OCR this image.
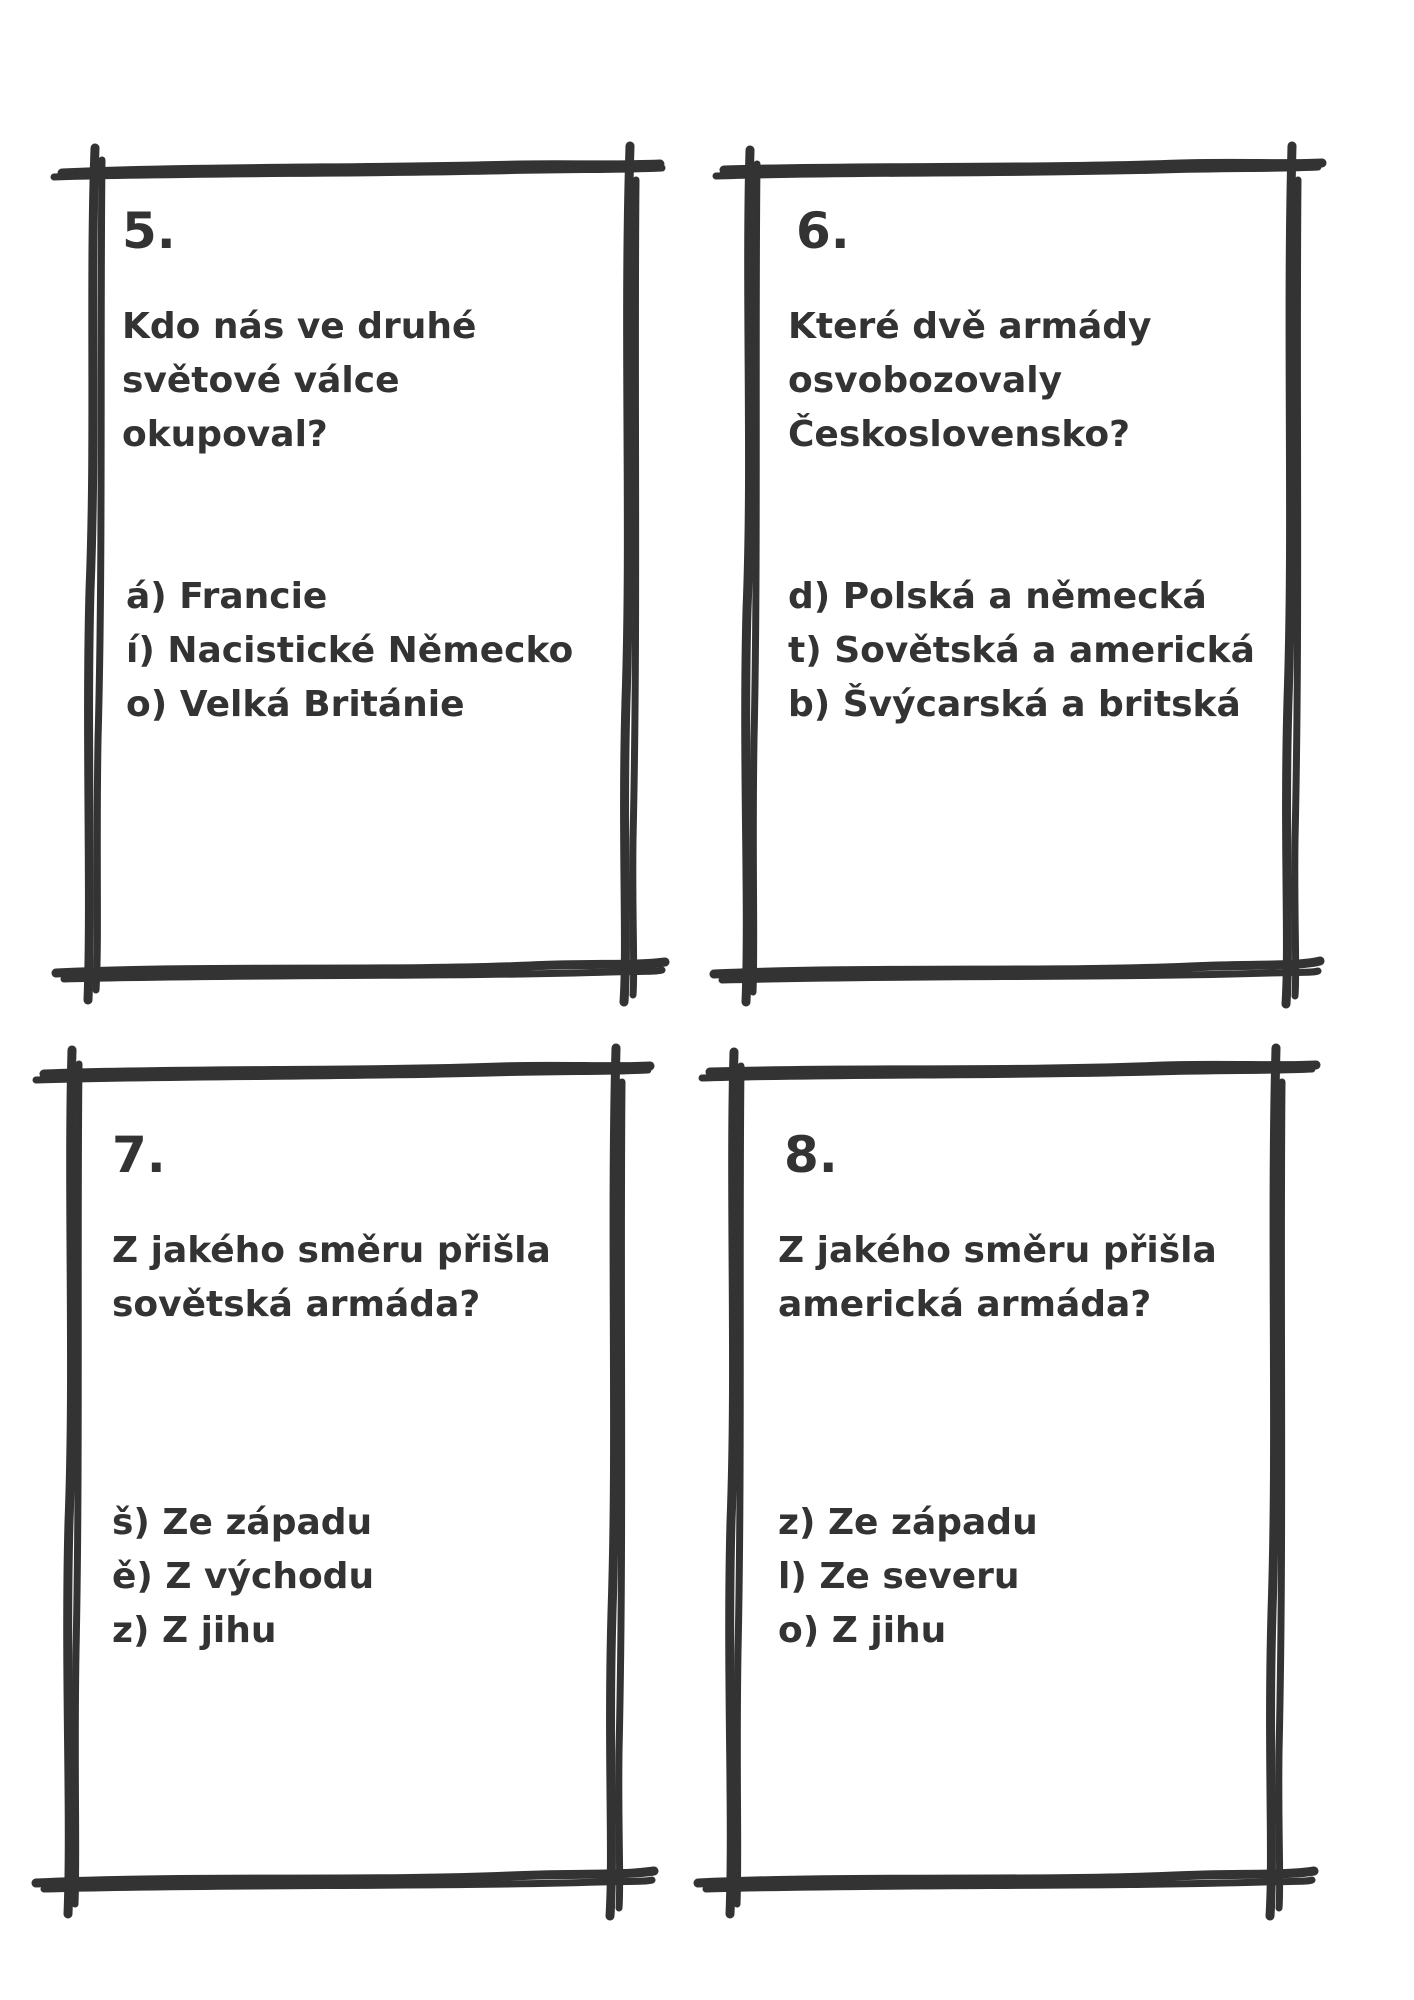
5.

Kdo nás ve druhé
světové válce
okupoval?

á) Francie
í) Nacistické Německo
o) Velká Británie

6.

Které dvě armády
osvobozovaly
Československo?

d) Polská a německá
t) Sovětská a americká
b) Švýcarská a britská

7.

Z jakého směru přišla
sovětská armáda?

š) Ze západu
ě) Z východu
z) Z jihu

8.

Z jakého směru přišla
americká armáda?

z) Ze západu
l) Ze severu
o) Z jihu
